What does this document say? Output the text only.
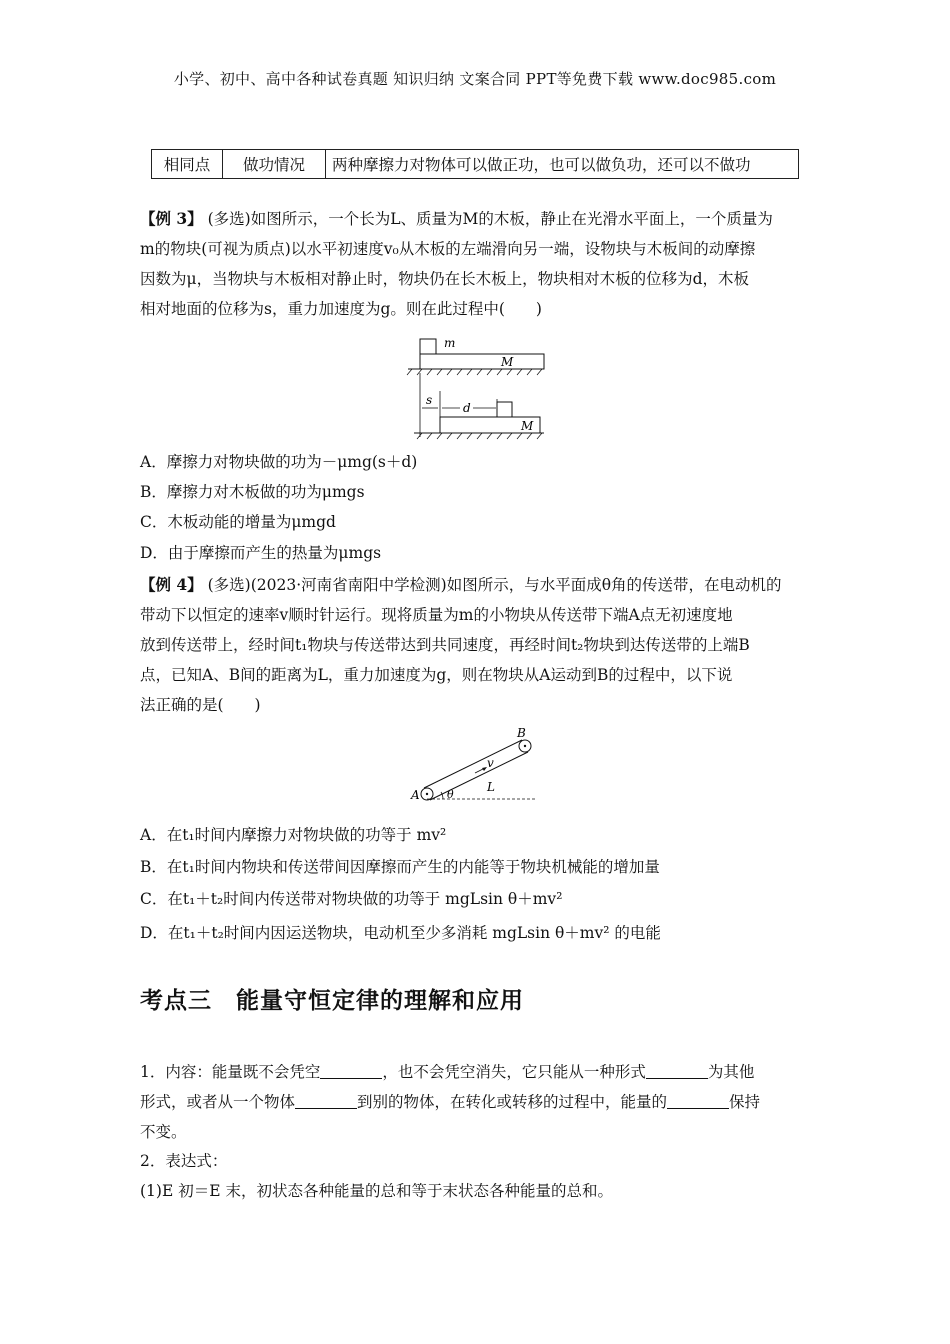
小学、初中、高中各种试卷真题 知识归纳 文案合同 PPT等免费下载 www.doc985.com
相同点	做功情况	两种摩擦力对物体可以做正功，也可以做负功，还可以不做功
【例 3】 (多选)如图所示，一个长为L、质量为M的木板，静止在光滑水平面上，一个质量为
m的物块(可视为质点)以水平初速度v₀从木板的左端滑向另一端，设物块与木板间的动摩擦
因数为μ，当物块与木板相对静止时，物块仍在长木板上，物块相对木板的位移为d，木板
相对地面的位移为s，重力加速度为g。则在此过程中(　　)
m
M
s
d
M
A．摩擦力对物块做的功为－μmg(s＋d)
B．摩擦力对木板做的功为μmgs
C．木板动能的增量为μmgd
D．由于摩擦而产生的热量为μmgs
【例 4】 (多选)(2023·河南省南阳中学检测)如图所示，与水平面成θ角的传送带，在电动机的
带动下以恒定的速率v顺时针运行。现将质量为m的小物块从传送带下端A点无初速度地
放到传送带上，经时间t₁物块与传送带达到共同速度，再经时间t₂物块到达传送带的上端B
点，已知A、B间的距离为L，重力加速度为g，则在物块从A运动到B的过程中，以下说
法正确的是(　　)
v
L
θ
A
B
A．在t₁时间内摩擦力对物块做的功等于 mv²
B．在t₁时间内物块和传送带间因摩擦而产生的内能等于物块机械能的增加量
C．在t₁＋t₂时间内传送带对物块做的功等于 mgLsin θ＋mv²
D．在t₁＋t₂时间内因运送物块，电动机至少多消耗 mgLsin θ＋mv² 的电能
考点三　能量守恒定律的理解和应用
1．内容：能量既不会凭空	，也不会凭空消失，它只能从一种形式	为其他
形式，或者从一个物体	到别的物体，在转化或转移的过程中，能量的	保持
不变。
2．表达式：
(1)E 初＝E 末，初状态各种能量的总和等于末状态各种能量的总和。
